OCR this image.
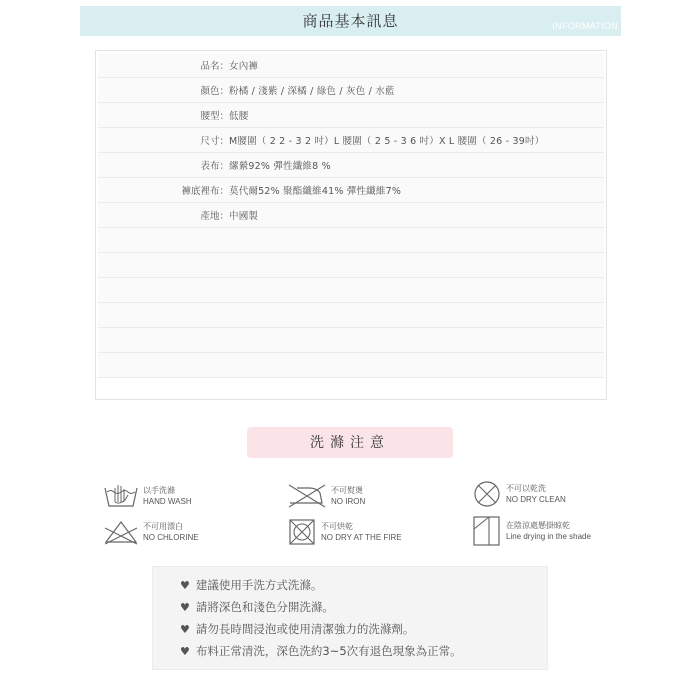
商品基本訊息	INFORMATION
品名： 女內褲
顏色： 粉橘 / 淺紫 / 深橘 / 綠色 / 灰色 / 水藍
腰型： 低腰
尺寸： M腰圍（ 2 2 - 3 2 吋）L 腰圍（ 2 5 - 3 6 吋）X L 腰圍（ 26 - 39吋）
表布： 縲縈92% 彈性纖維8 %
褲底裡布： 莫代爾52% 聚酯纖維41% 彈性纖維7%
產地： 中國製
洗滌注意
以手洗滌
HAND WASH
不可熨燙
NO IRON
不可以乾洗
NO DRY CLEAN
不可用漂白
NO CHLORINE
不可烘乾
NO DRY AT THE FIRE
在陰涼處懸掛晾乾
Line drying in the shade
♥ 建議使用手洗方式洗滌。
♥ 請將深色和淺色分開洗滌。
♥ 請勿長時間浸泡或使用清潔強力的洗滌劑。
♥ 布料正常清洗，深色洗約3~5次有退色現象為正常。
